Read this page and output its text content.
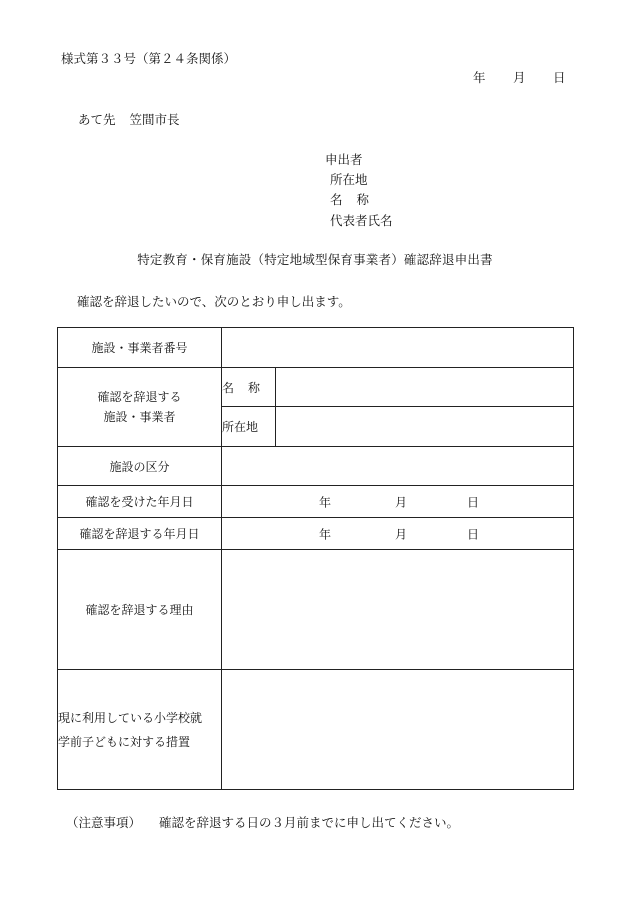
様式第３３号（第２４条関係）
年 月 日
あて先 笠間市長
申出者
所在地
名 称
代表者氏名
特定教育・保育施設（特定地域型保育事業者）確認辞退申出書
確認を辞退したいので、次のとおり申し出ます。
施設・事業者番号		

確認を辞退する
施設・事業者	名 称	
	所在地	
施設の区分		
確認を受けた年月日	年 月 日	

確認を辞退する年月日	年 月 日	

確認を辞退する理由		

現に利用している小学校就
学前子どもに対する措置		

（注意事項） 確認を辞退する日の３月前までに申し出てください。
